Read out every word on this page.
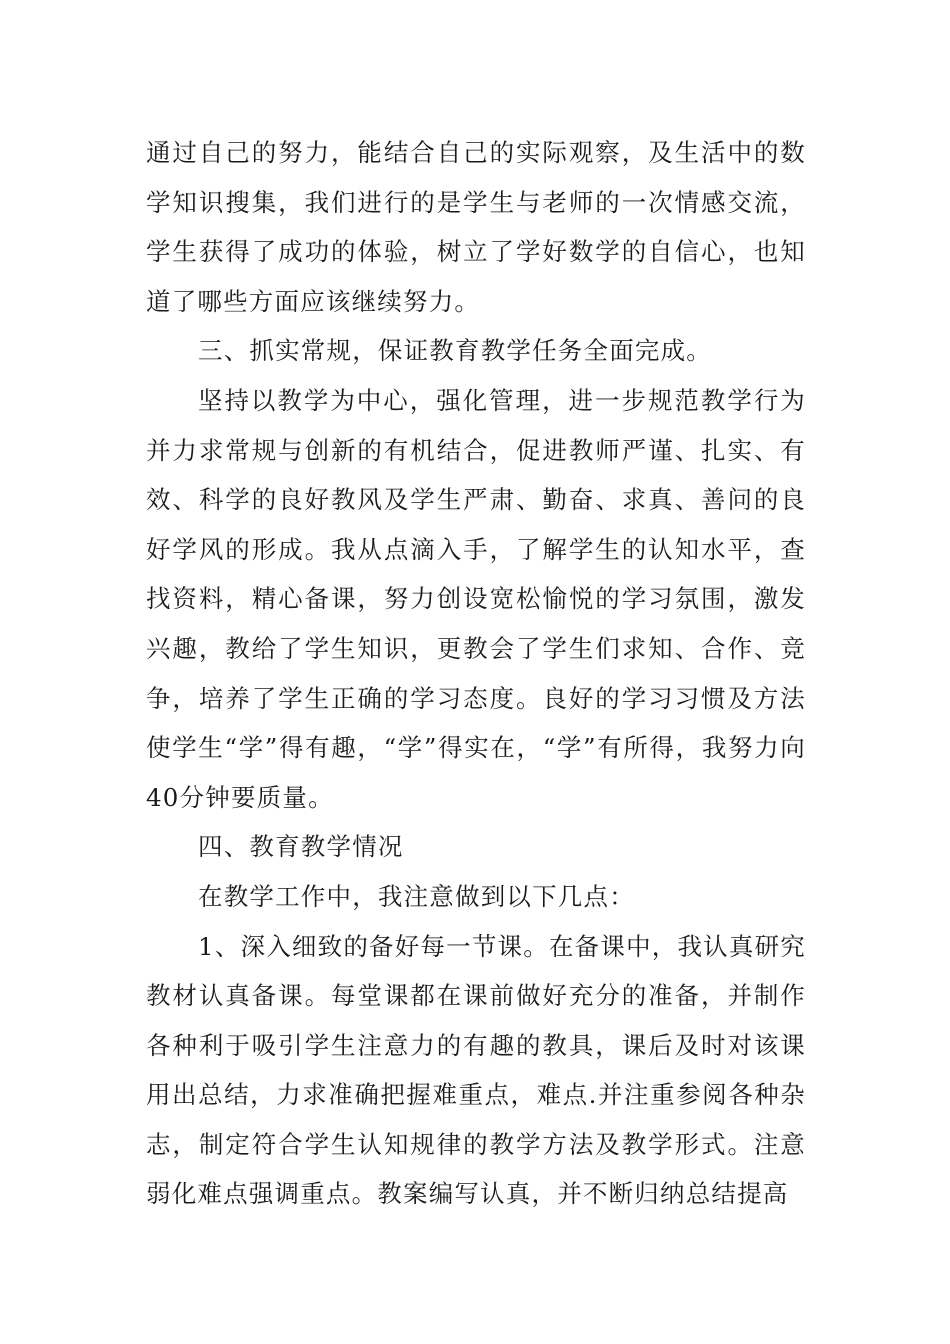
通过自己的努力，能结合自己的实际观察，及生活中的数学知识搜集，我们进行的是学生与老师的一次情感交流，学生获得了成功的体验，树立了学好数学的自信心，也知道了哪些方面应该继续努力。

三、抓实常规，保证教育教学任务全面完成。

坚持以教学为中心，强化管理，进一步规范教学行为并力求常规与创新的有机结合，促进教师严谨、扎实、有效、科学的良好教风及学生严肃、勤奋、求真、善问的良好学风的形成。我从点滴入手，了解学生的认知水平，查找资料，精心备课，努力创设宽松愉悦的学习氛围，激发兴趣，教给了学生知识，更教会了学生们求知、合作、竞争，培养了学生正确的学习态度。良好的学习习惯及方法使学生“学”得有趣，“学”得实在，“学”有所得，我努力向40分钟要质量。

四、教育教学情况

在教学工作中，我注意做到以下几点：

1、深入细致的备好每一节课。在备课中，我认真研究教材认真备课。每堂课都在课前做好充分的准备，并制作各种利于吸引学生注意力的有趣的教具，课后及时对该课用出总结，力求准确把握难重点，难点.并注重参阅各种杂志，制定符合学生认知规律的教学方法及教学形式。注意弱化难点强调重点。教案编写认真，并不断归纳总结提高
